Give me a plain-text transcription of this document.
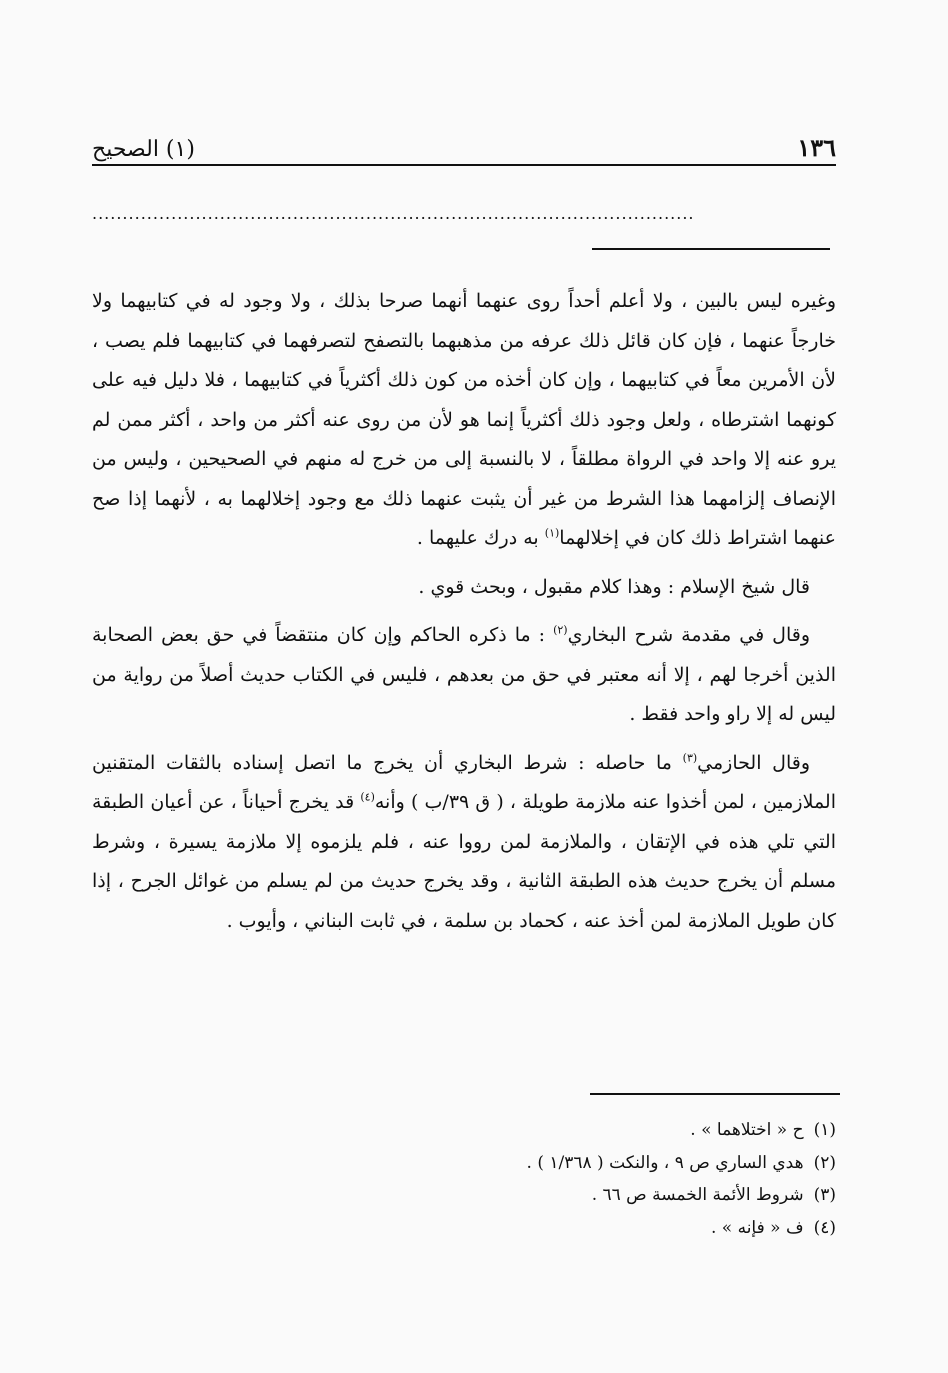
١٣٦
(١) الصحيح
...................................................................................................

وغيره ليس بالبين ، ولا أعلم أحداً روى عنهما أنهما صرحا بذلك ، ولا وجود له في كتابيهما ولا خارجاً عنهما ، فإن كان قائل ذلك عرفه من مذهبهما بالتصفح لتصرفهما في كتابيهما فلم يصب ، لأن الأمرين معاً في كتابيهما ، وإن كان أخذه من كون ذلك أكثرياً في كتابيهما ، فلا دليل فيه على كونهما اشترطاه ، ولعل وجود ذلك أكثرياً إنما هو لأن من روى عنه أكثر من واحد ، أكثر ممن لم يرو عنه إلا واحد في الرواة مطلقاً ، لا بالنسبة إلى من خرج له منهم في الصحيحين ، وليس من الإنصاف إلزامهما هذا الشرط من غير أن يثبت عنهما ذلك مع وجود إخلالهما به ، لأنهما إذا صح عنهما اشتراط ذلك كان في إخلالهما$^{(١)}$ به درك عليهما .

قال شيخ الإسلام : وهذا كلام مقبول ، وبحث قوي .

وقال في مقدمة شرح البخاري$^{(٢)}$ : ما ذكره الحاكم وإن كان منتقضاً في حق بعض الصحابة الذين أخرجا لهم ، إلا أنه معتبر في حق من بعدهم ، فليس في الكتاب حديث أصلاً من رواية من ليس له إلا راو واحد فقط .

وقال الحازمي$^{(٣)}$ ما حاصله : شرط البخاري أن يخرج ما اتصل إسناده بالثقات المتقنين الملازمين ، لمن أخذوا عنه ملازمة طويلة ، ( ق ٣٩/ب ) وأنه$^{(٤)}$ قد يخرج أحياناً ، عن أعيان الطبقة التي تلي هذه في الإتقان ، والملازمة لمن رووا عنه ، فلم يلزموه إلا ملازمة يسيرة ، وشرط مسلم أن يخرج حديث هذه الطبقة الثانية ، وقد يخرج حديث من لم يسلم من غوائل الجرح ، إذا كان طويل الملازمة لمن أخذ عنه ، كحماد بن سلمة ، في ثابت البناني ، وأيوب .

(١)ح « اختلاهما » .

(٢)هدي الساري ص ٩ ، والنكت ( ١/٣٦٨ ) .

(٣)شروط الأئمة الخمسة ص ٦٦ .

(٤)ف « فإنه » .
